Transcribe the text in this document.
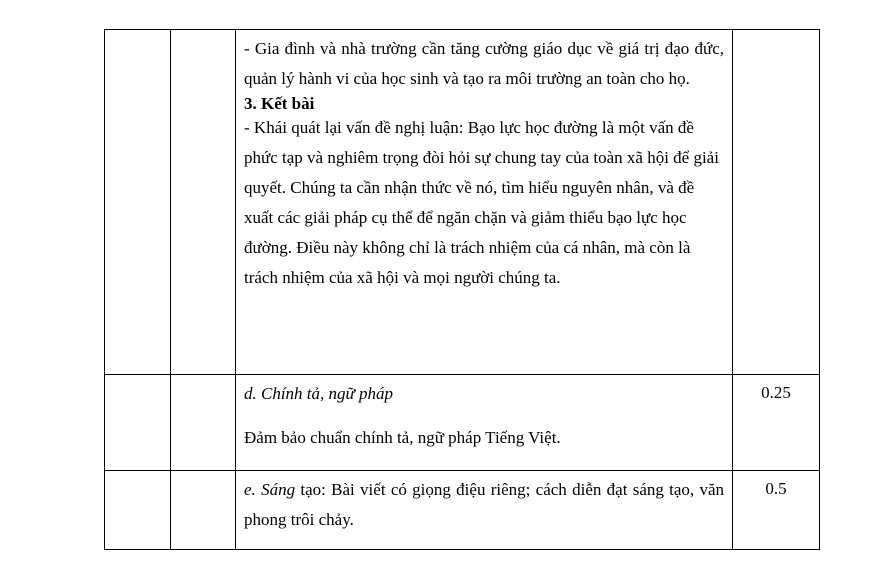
		- Gia đình và nhà trường cần tăng cường giáo dục về giá trị đạo đức, quản lý hành vi của học sinh và tạo ra môi trường an toàn cho họ.

3. Kết bài

- Khái quát lại vấn đề nghị luận: Bạo lực học đường là một vấn đề phức tạp và nghiêm trọng đòi hỏi sự chung tay của toàn xã hội để giải quyết. Chúng ta cần nhận thức về nó, tìm hiểu nguyên nhân, và đề xuất các giải pháp cụ thể để ngăn chặn và giảm thiểu bạo lực học đường. Điều này không chỉ là trách nhiệm của cá nhân, mà còn là trách nhiệm của xã hội và mọi người chúng ta.	

		d. Chính tả, ngữ pháp

Đảm bảo chuẩn chính tả, ngữ pháp Tiếng Việt.	0.25

		e. Sáng tạo: Bài viết có giọng điệu riêng; cách diễn đạt sáng tạo, văn phong trôi chảy.	0.5
